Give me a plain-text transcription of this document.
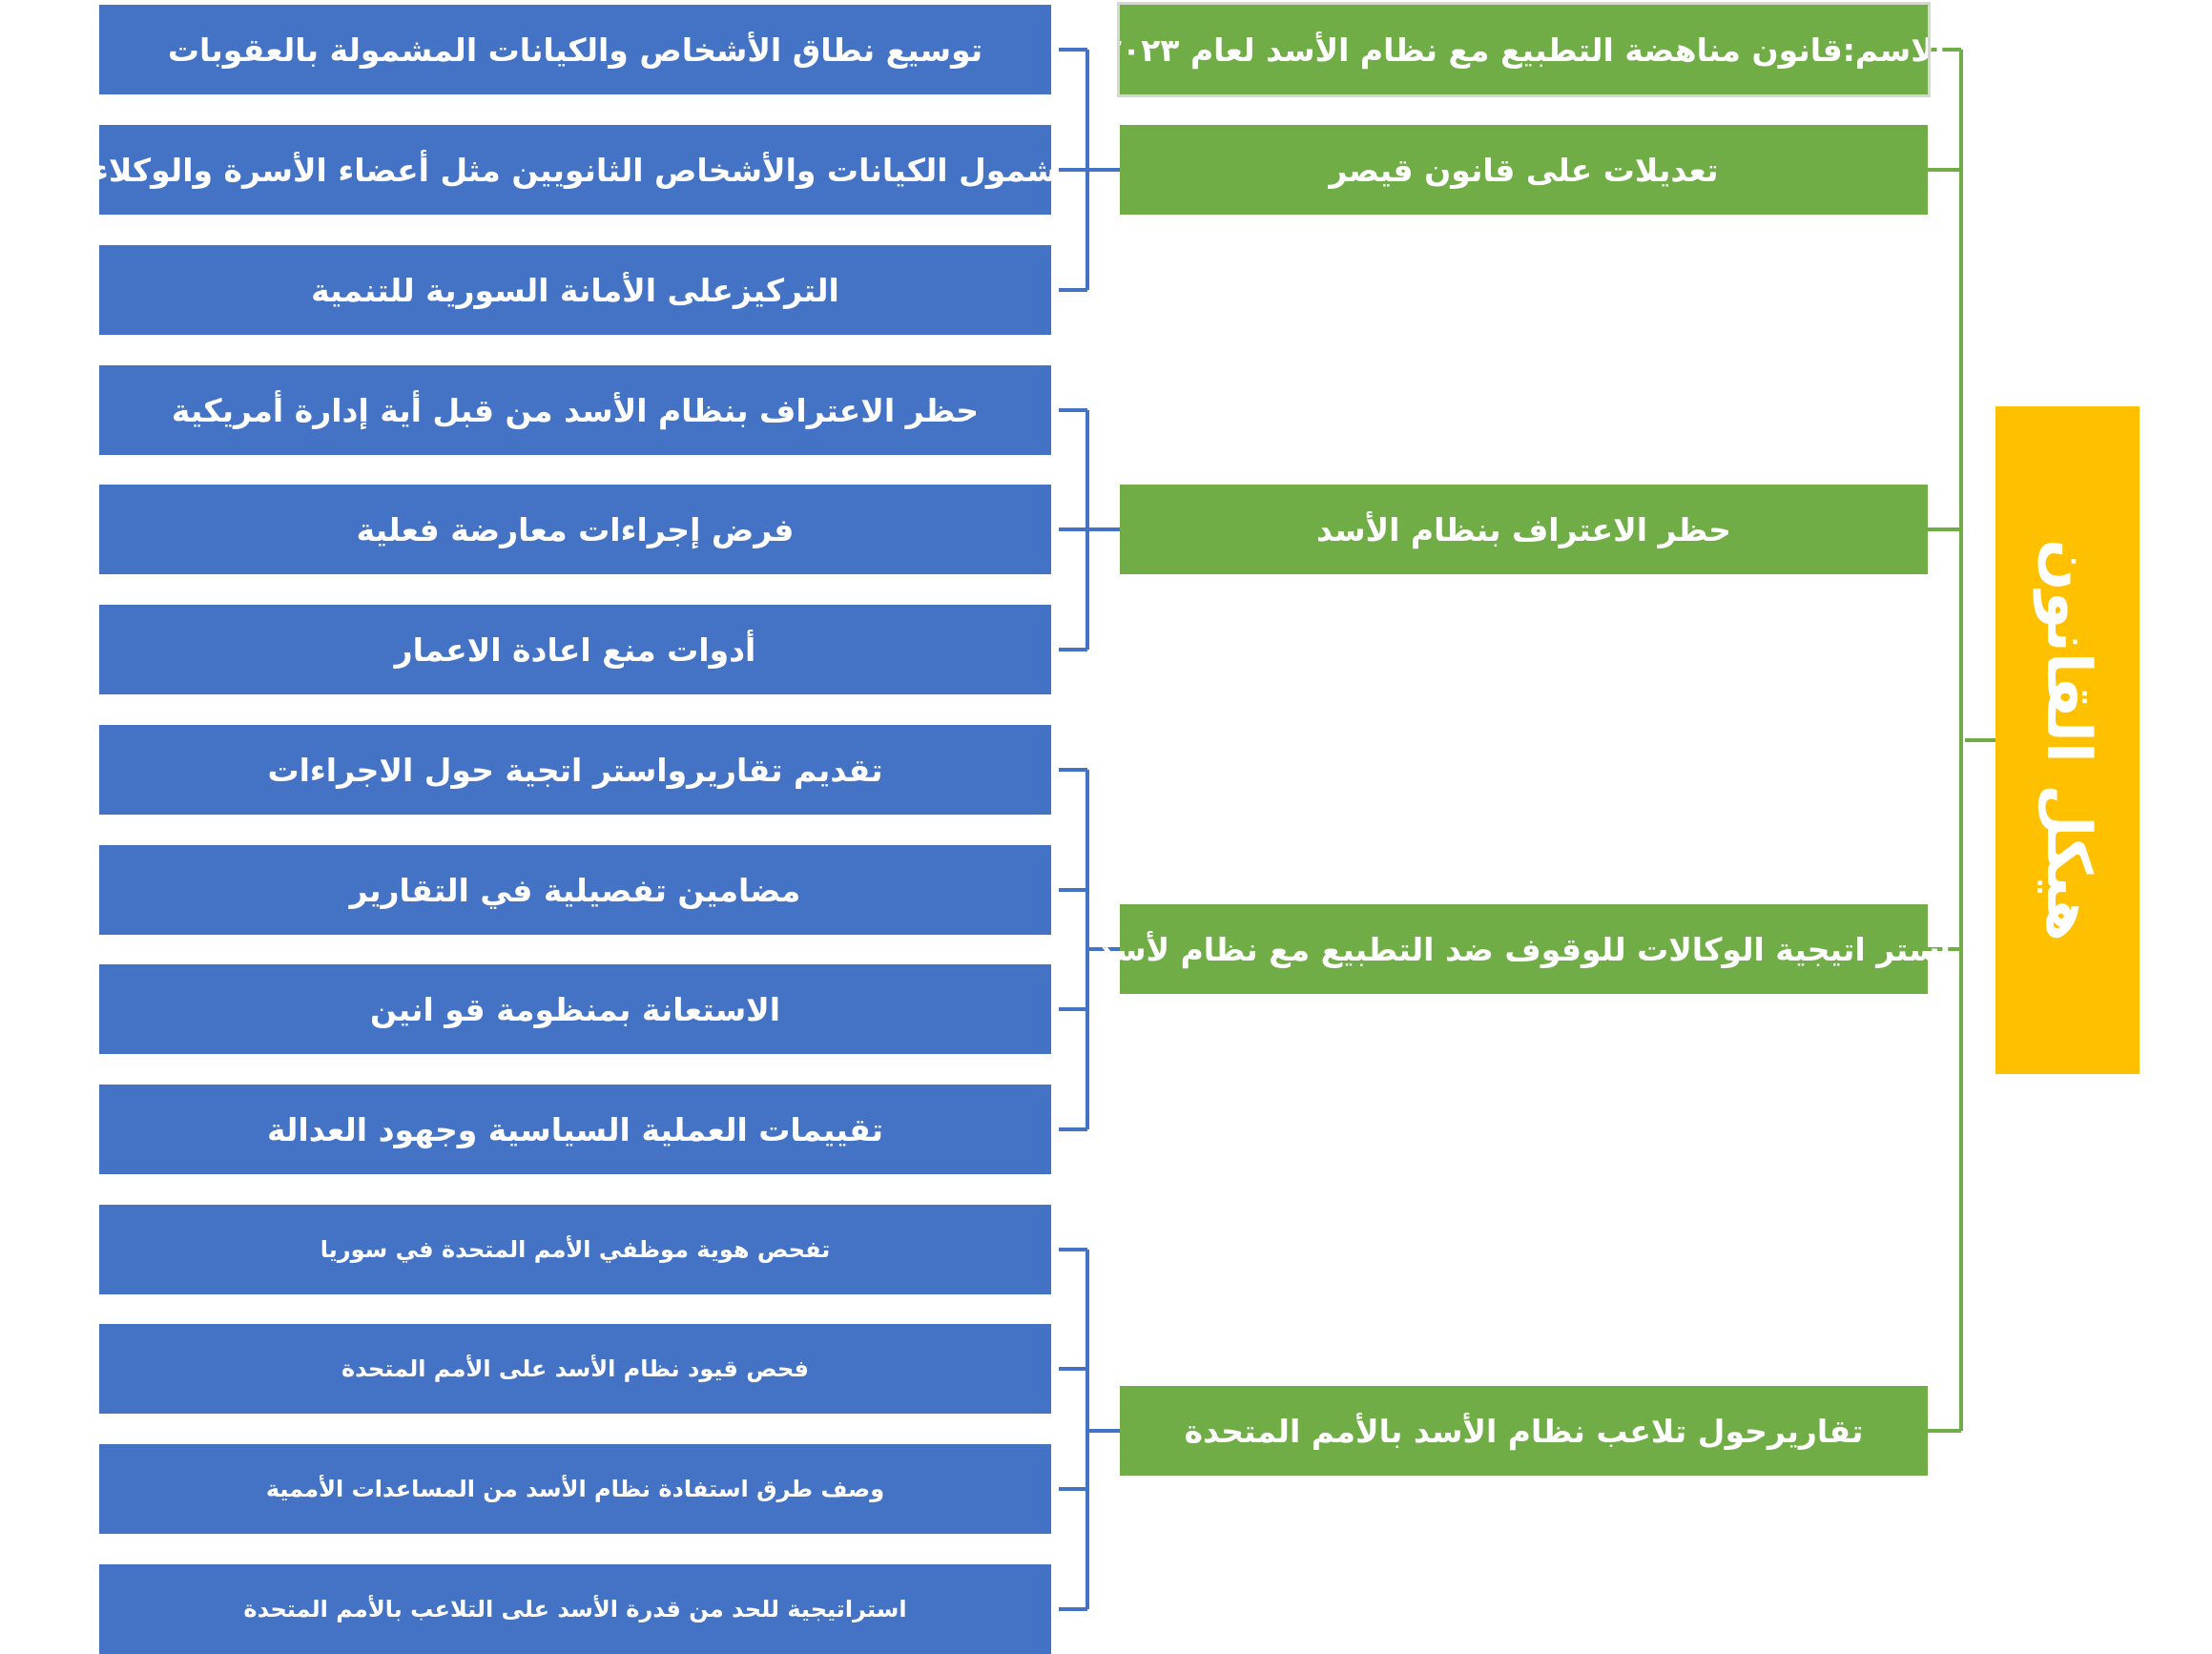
هيكل القانون
الاسم:قانون مناهضة التطبيع مع نظام الأسد لعام ٢٠٢٣
تعديلات على قانون قيصر
حظر الاعتراف بنظام الأسد
استر اتيجية الوكالات للوقوف ضد التطبيع مع نظام لأسد
تقاريرحول تلاعب نظام الأسد بالأمم المتحدة
توسيع نطاق الأشخاص والكيانات المشمولة بالعقوبات
شمول الكيانات والأشخاص الثانويين مثل أعضاء الأسرة والوكلاء
التركيزعلى الأمانة السورية للتنمية
حظر الاعتراف بنظام الأسد من قبل أية إدارة أمريكية
فرض إجراءات معارضة فعلية
أدوات منع اعادة الاعمار
تقديم تقاريرواستر اتجية حول الاجراءات
مضامين تفصيلية في التقارير
الاستعانة بمنظومة قو انين
تقييمات العملية السياسية وجهود العدالة
تفحص هوية موظفي الأمم المتحدة في سوريا
فحص قيود نظام الأسد على الأمم المتحدة
وصف طرق استفادة نظام الأسد من المساعدات الأممية
استراتيجية للحد من قدرة الأسد على التلاعب بالأمم المتحدة
